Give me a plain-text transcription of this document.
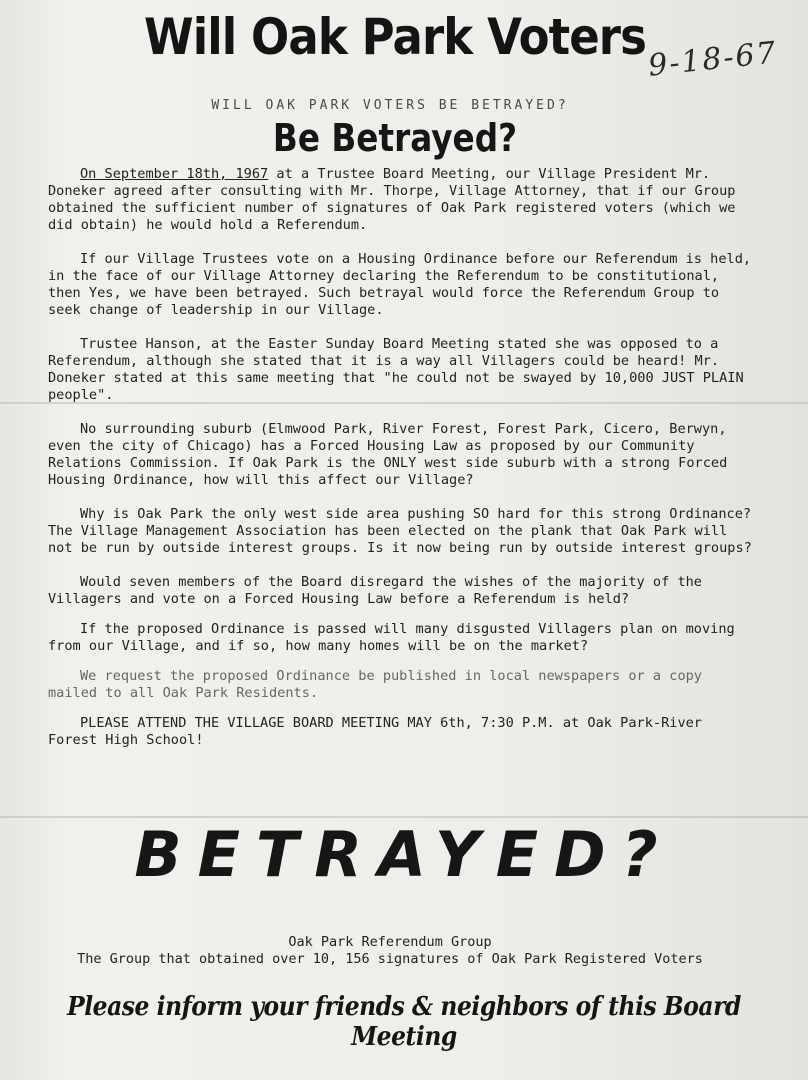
Will Oak Park Voters 9-18-67
WILL OAK PARK VOTERS BE BETRAYED?
Be Betrayed?

On September 18th, 1967 at a Trustee Board Meeting, our Village President Mr. Doneker agreed after consulting with Mr. Thorpe, Village Attorney, that if our Group obtained the sufficient number of signatures of Oak Park registered voters (which we did obtain) he would hold a Referendum.

If our Village Trustees vote on a Housing Ordinance before our Referendum is held, in the face of our Village Attorney declaring the Referendum to be constitutional, then Yes, we have been betrayed. Such betrayal would force the Referendum Group to seek change of leadership in our Village.

Trustee Hanson, at the Easter Sunday Board Meeting stated she was opposed to a Referendum, although she stated that it is a way all Villagers could be heard! Mr. Doneker stated at this same meeting that "he could not be swayed by 10,000 JUST PLAIN people".

No surrounding suburb (Elmwood Park, River Forest, Forest Park, Cicero, Berwyn, even the city of Chicago) has a Forced Housing Law as proposed by our Community Relations Commission. If Oak Park is the ONLY west side suburb with a strong Forced Housing Ordinance, how will this affect our Village?

Why is Oak Park the only west side area pushing SO hard for this strong Ordinance? The Village Management Association has been elected on the plank that Oak Park will not be run by outside interest groups. Is it now being run by outside interest groups?

Would seven members of the Board disregard the wishes of the majority of the Villagers and vote on a Forced Housing Law before a Referendum is held?

If the proposed Ordinance is passed will many disgusted Villagers plan on moving from our Village, and if so, how many homes will be on the market?

We request the proposed Ordinance be published in local newspapers or a copy mailed to all Oak Park Residents.

PLEASE ATTEND THE VILLAGE BOARD MEETING MAY 6th, 7:30 P.M. at Oak Park-River Forest High School!

BETRAYED?
Oak Park Referendum Group
The Group that obtained over 10, 156 signatures of Oak Park Registered Voters
Please inform your friends & neighbors of this Board Meeting
